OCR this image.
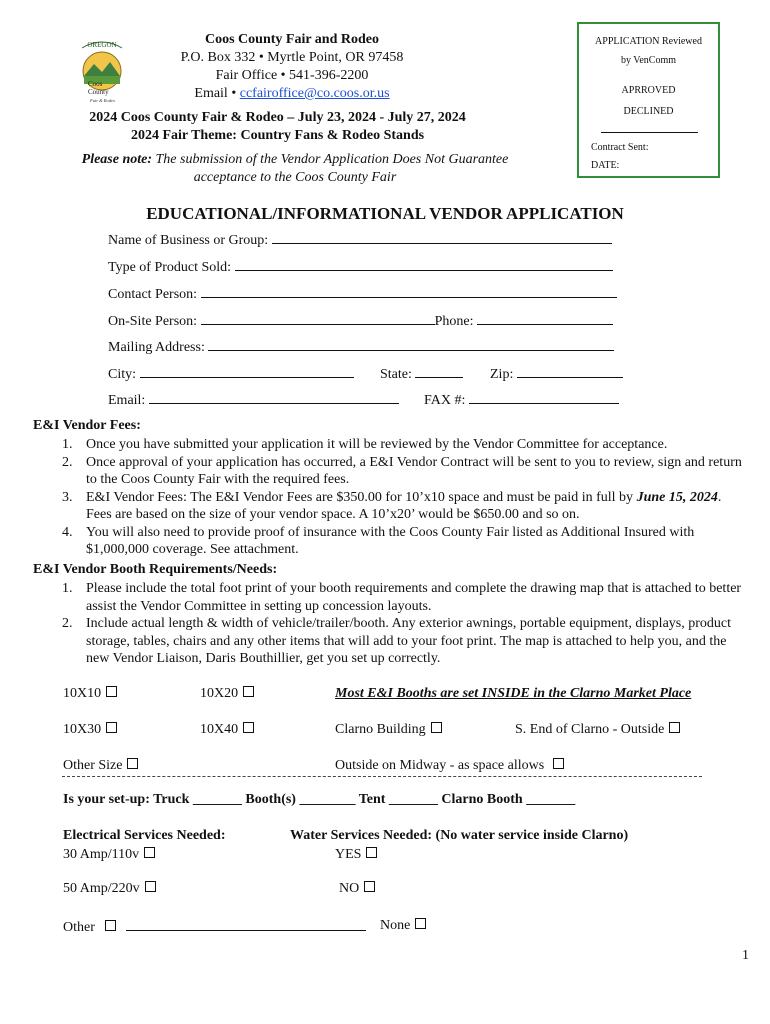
OREGON
Coos
County
Fair & Rodeo
Coos County Fair and Rodeo
P.O. Box 332 • Myrtle Point, OR 97458
Fair Office • 541-396-2200
Email • ccfairoffice@co.coos.or.us
2024 Coos County Fair & Rodeo – July 23, 2024 - July 27, 2024
2024 Fair Theme: Country Fans & Rodeo Stands
Please note: The submission of the Vendor Application Does Not Guarantee acceptance to the Coos County Fair
APPLICATION Reviewed
by VenComm
APRROVED
DECLINED
Contract Sent:
DATE:
EDUCATIONAL/INFORMATIONAL VENDOR APPLICATION
Name of Business or Group:
Type of Product Sold:
Contact Person:
On-Site Person:	Phone:
Mailing Address:
City:	State:	Zip:
Email:	FAX #:
E&I Vendor Fees:
1. Once you have submitted your application it will be reviewed by the Vendor Committee for acceptance.
2. Once approval of your application has occurred, a E&I Vendor Contract will be sent to you to review, sign and return to the Coos County Fair with the required fees.
3. E&I Vendor Fees: The E&I Vendor Fees are $350.00 for 10’x10 space and must be paid in full by June 15, 2024. Fees are based on the size of your vendor space. A 10’x20’ would be $650.00 and so on.
4. You will also need to provide proof of insurance with the Coos County Fair listed as Additional Insured with $1,000,000 coverage. See attachment.
E&I Vendor Booth Requirements/Needs:
1. Please include the total foot print of your booth requirements and complete the drawing map that is attached to better assist the Vendor Committee in setting up concession layouts.
2. Include actual length & width of vehicle/trailer/booth. Any exterior awnings, portable equipment, displays, product storage, tables, chairs and any other items that will add to your foot print. The map is attached to help you, and the new Vendor Liaison, Daris Bouthillier, get you set up correctly.
10X10	10X20	Most E&I Booths are set INSIDE in the Clarno Market Place
10X30	10X40	Clarno Building	S. End of Clarno - Outside
Other Size	Outside on Midway - as space allows
Is your set-up: Truck _______ Booth(s) ________ Tent _______ Clarno Booth _______
Electrical Services Needed:	Water Services Needed: (No water service inside Clarno)
30 Amp/110v	YES
50 Amp/220v	NO
Other	None
1
